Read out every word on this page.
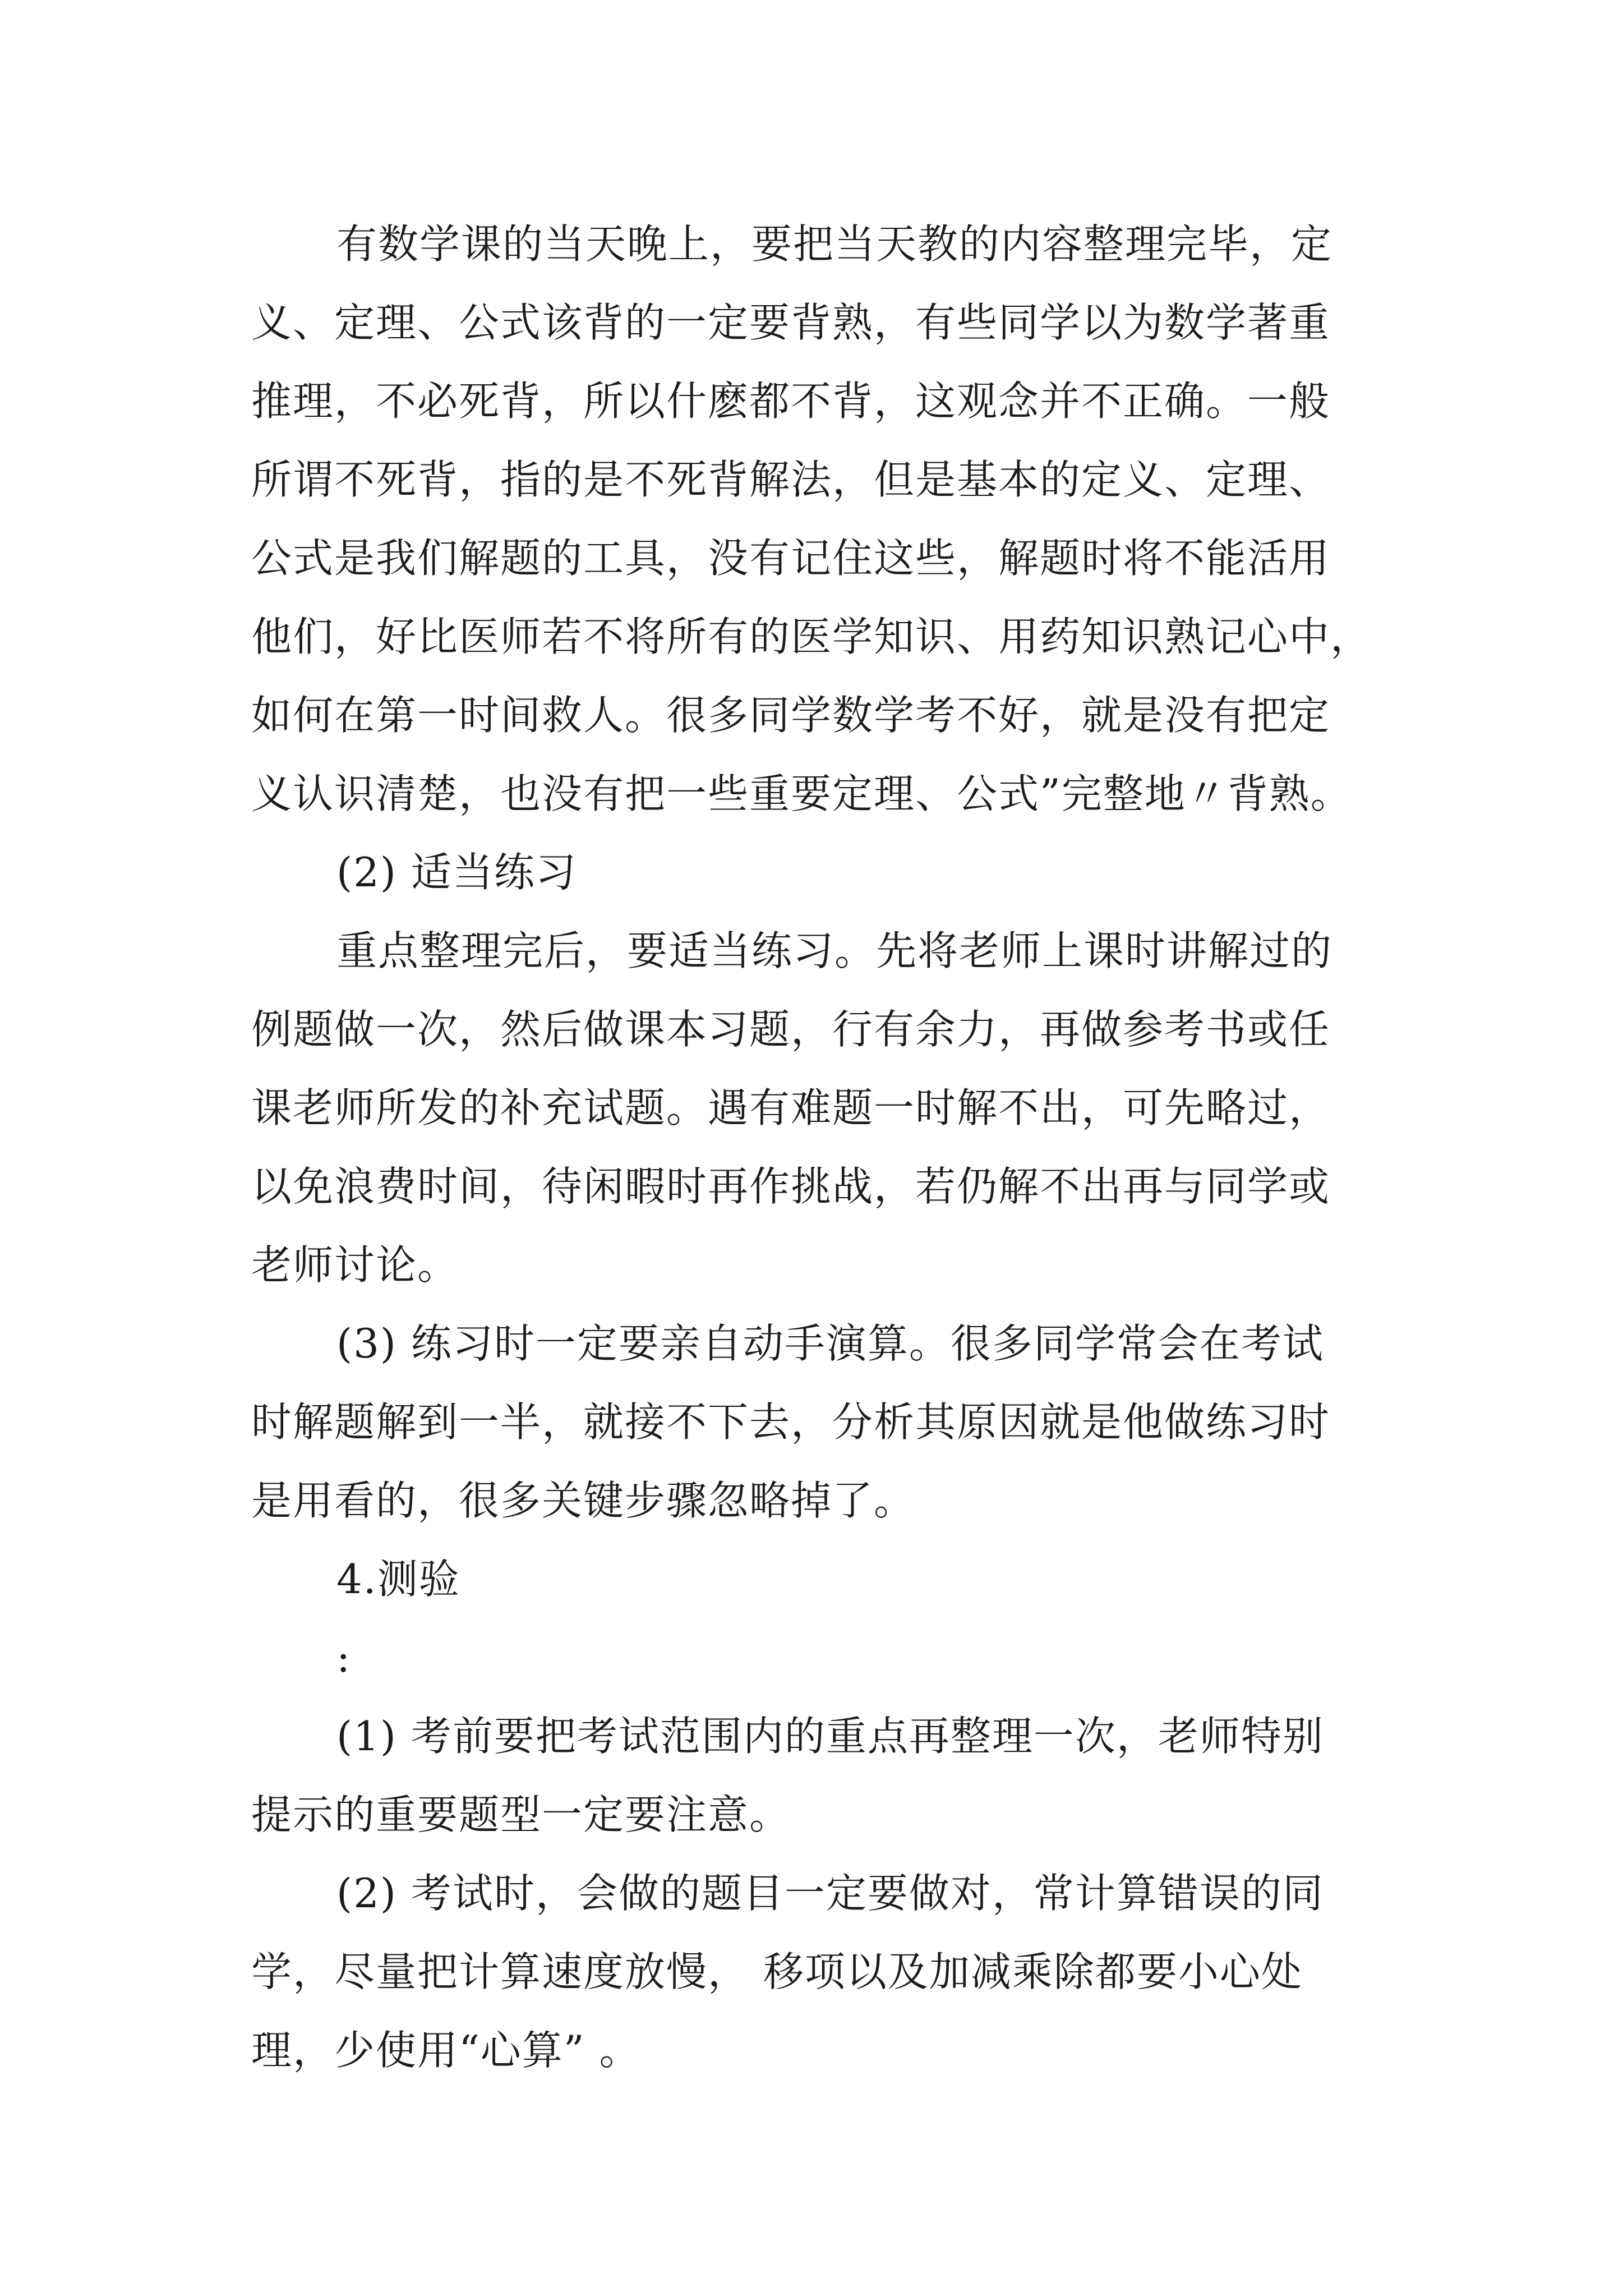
有数学课的当天晚上，要把当天教的内容整理完毕，定
义、定理、公式该背的一定要背熟，有些同学以为数学著重
推理，不必死背，所以什麽都不背，这观念并不正确。一般
所谓不死背，指的是不死背解法，但是基本的定义、定理、
公式是我们解题的工具，没有记住这些，解题时将不能活用
他们，好比医师若不将所有的医学知识、用药知识熟记心中，
如何在第一时间救人。很多同学数学考不好，就是没有把定
义认识清楚，也没有把一些重要定理、公式”完整地〃背熟。
(2) 适当练习
重点整理完后，要适当练习。先将老师上课时讲解过的
例题做一次，然后做课本习题，行有余力，再做参考书或任
课老师所发的补充试题。遇有难题一时解不出，可先略过，
以免浪费时间，待闲暇时再作挑战，若仍解不出再与同学或
老师讨论。
(3) 练习时一定要亲自动手演算。很多同学常会在考试
时解题解到一半，就接不下去，分析其原因就是他做练习时
是用看的，很多关键步骤忽略掉了。
4.测验
:
(1) 考前要把考试范围内的重点再整理一次，老师特别
提示的重要题型一定要注意。
(2) 考试时，会做的题目一定要做对，常计算错误的同
学，尽量把计算速度放慢， 移项以及加减乘除都要小心处
理，少使用“心算” 。
